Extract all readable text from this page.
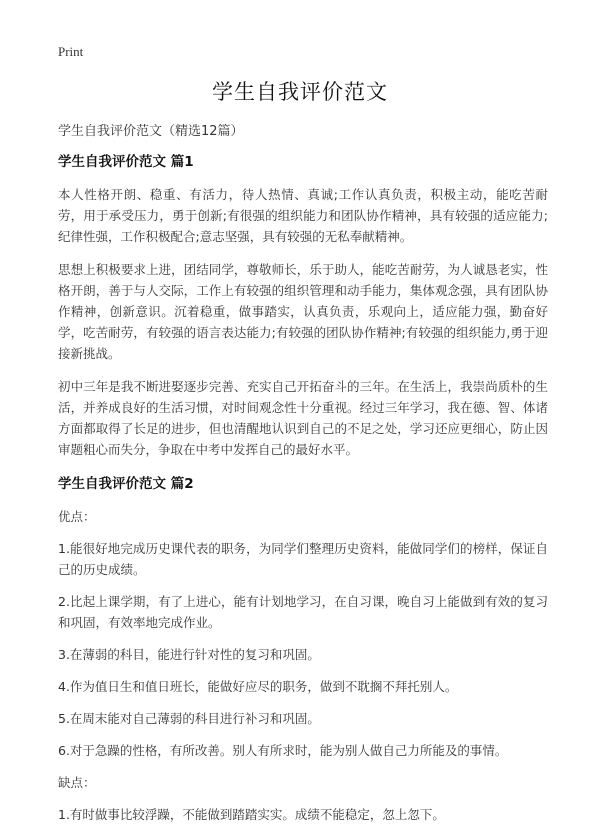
Print
学生自我评价范文
学生自我评价范文（精选12篇）
学生自我评价范文 篇1
本人性格开朗、稳重、有活力，待人热情、真诚;工作认真负责，积极主动，能吃苦耐劳，用于承受压力，勇于创新;有很强的组织能力和团队协作精神，具有较强的适应能力;纪律性强，工作积极配合;意志坚强，具有较强的无私奉献精神。
思想上积极要求上进，团结同学，尊敬师长，乐于助人，能吃苦耐劳，为人诚恳老实，性格开朗，善于与人交际，工作上有较强的组织管理和动手能力，集体观念强，具有团队协作精神，创新意识。沉着稳重，做事踏实，认真负责，乐观向上，适应能力强，勤奋好学，吃苦耐劳，有较强的语言表达能力;有较强的团队协作精神;有较强的组织能力,勇于迎接新挑战。
初中三年是我不断进娶逐步完善、充实自己开拓奋斗的三年。在生活上，我崇尚质朴的生活，并养成良好的生活习惯，对时间观念性十分重视。经过三年学习，我在德、智、体诸方面都取得了长足的进步，但也清醒地认识到自己的不足之处，学习还应更细心，防止因审题粗心而失分，争取在中考中发挥自己的最好水平。
学生自我评价范文 篇2
优点：
1.能很好地完成历史课代表的职务，为同学们整理历史资料，能做同学们的榜样，保证自己的历史成绩。
2.比起上课学期，有了上进心，能有计划地学习，在自习课，晚自习上能做到有效的复习和巩固，有效率地完成作业。
3.在薄弱的科目，能进行针对性的复习和巩固。
4.作为值日生和值日班长，能做好应尽的职务，做到不耽搁不拜托别人。
5.在周末能对自己薄弱的科目进行补习和巩固。
6.对于急躁的性格，有所改善。别人有所求时，能为别人做自己力所能及的事情。
缺点：
1.有时做事比较浮躁，不能做到踏踏实实。成绩不能稳定，忽上忽下。
